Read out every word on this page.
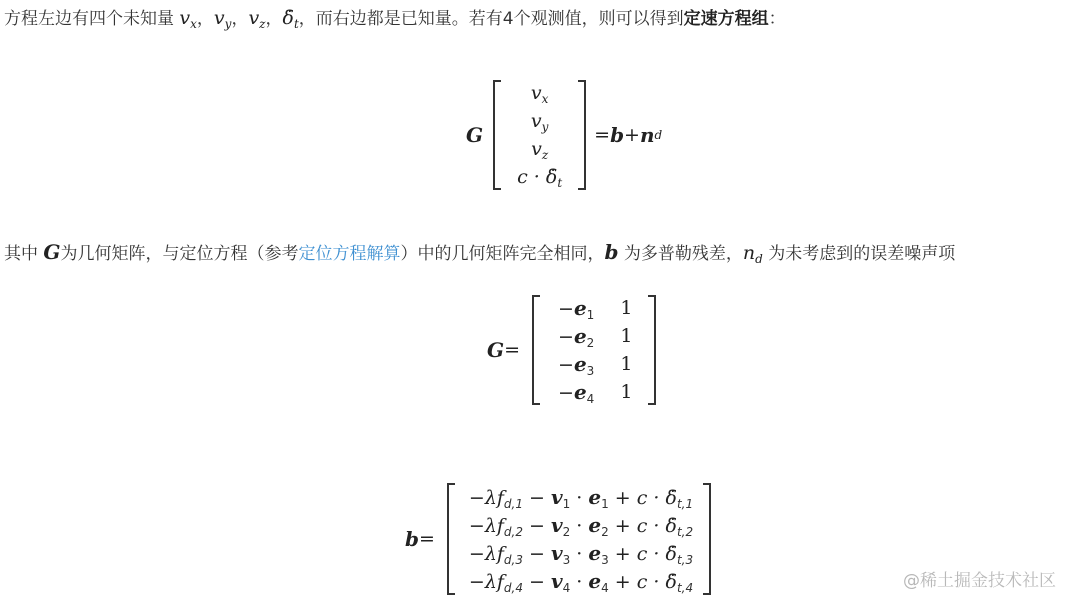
方程左边有四个未知量 $v_x$，$v_y$，$v_z$，$\deltȧ_t$，而右边都是已知量。若有4个观测值，则可以得到定速方程组：
G
$v_x$
$v_y$
$v_z$
$c \cdot \deltȧ_t$
= b + n d
其中 G为几何矩阵，与定位方程（参考定位方程解算）中的几何矩阵完全相同，b 为多普勒残差，$n_d$ 为未考虑到的误差噪声项
G =
$-e_1$ 1
$-e_2$ 1
$-e_3$ 1
$-e_4$ 1
b =
$-\lambda f_{d,1} - v_1 \cdot e_1 + c$ · $\deltȧ_{t,1}$
$-\lambda f_{d,2} - v_2 \cdot e_2 + c$ · $\deltȧ_{t,2}$
$-\lambda f_{d,3} - v_3 \cdot e_3 + c$ · $\deltȧ_{t,3}$
$-\lambda f_{d,4} - v_4 \cdot e_4 + c$ · $\deltȧ_{t,4}$	@稀土掘金技术社区
